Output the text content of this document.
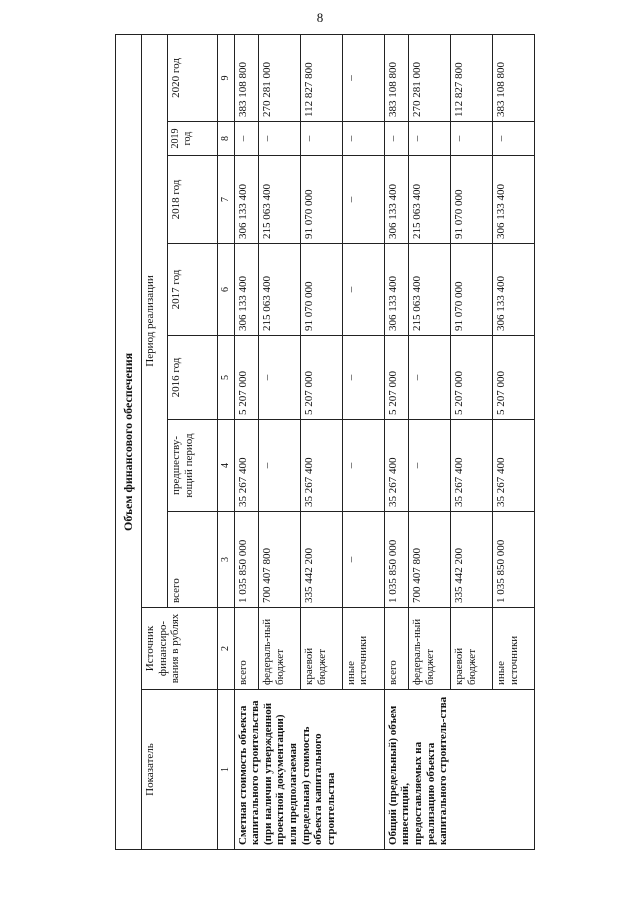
8
Объем финансового обеспечения								
Показатель	Источник финансиро-вания в рублях	Период реализации						
		всего	предшеству-ющий период	2016 год	2017 год	2018 год	2019 год	2020 год
1	2	3	4	5	6	7	8	9
Сметная стоимость объекта капитального строительства (при наличии утвержденной проектной документации) или предполагаемая (предельная) стоимость объекта капитального строительства	всего	1 035 850 000	35 267 400	5 207 000	306 133 400	306 133 400	–	383 108 800
	федераль-ный бюджет	700 407 800	–	–	215 063 400	215 063 400	–	270 281 000
	краевой бюджет	335 442 200	35 267 400	5 207 000	91 070 000	91 070 000	–	112 827 800
	иные источники	–	–	–	–	–	–	–
Общий (предельный) объем инвестиций, предоставляемых на реализацию объекта капитального строитель-ства	всего	1 035 850 000	35 267 400	5 207 000	306 133 400	306 133 400	–	383 108 800
	федераль-ный бюджет	700 407 800	–	–	215 063 400	215 063 400	–	270 281 000
	краевой бюджет	335 442 200	35 267 400	5 207 000	91 070 000	91 070 000	–	112 827 800
	иные источники	1 035 850 000	35 267 400	5 207 000	306 133 400	306 133 400	–	383 108 800
